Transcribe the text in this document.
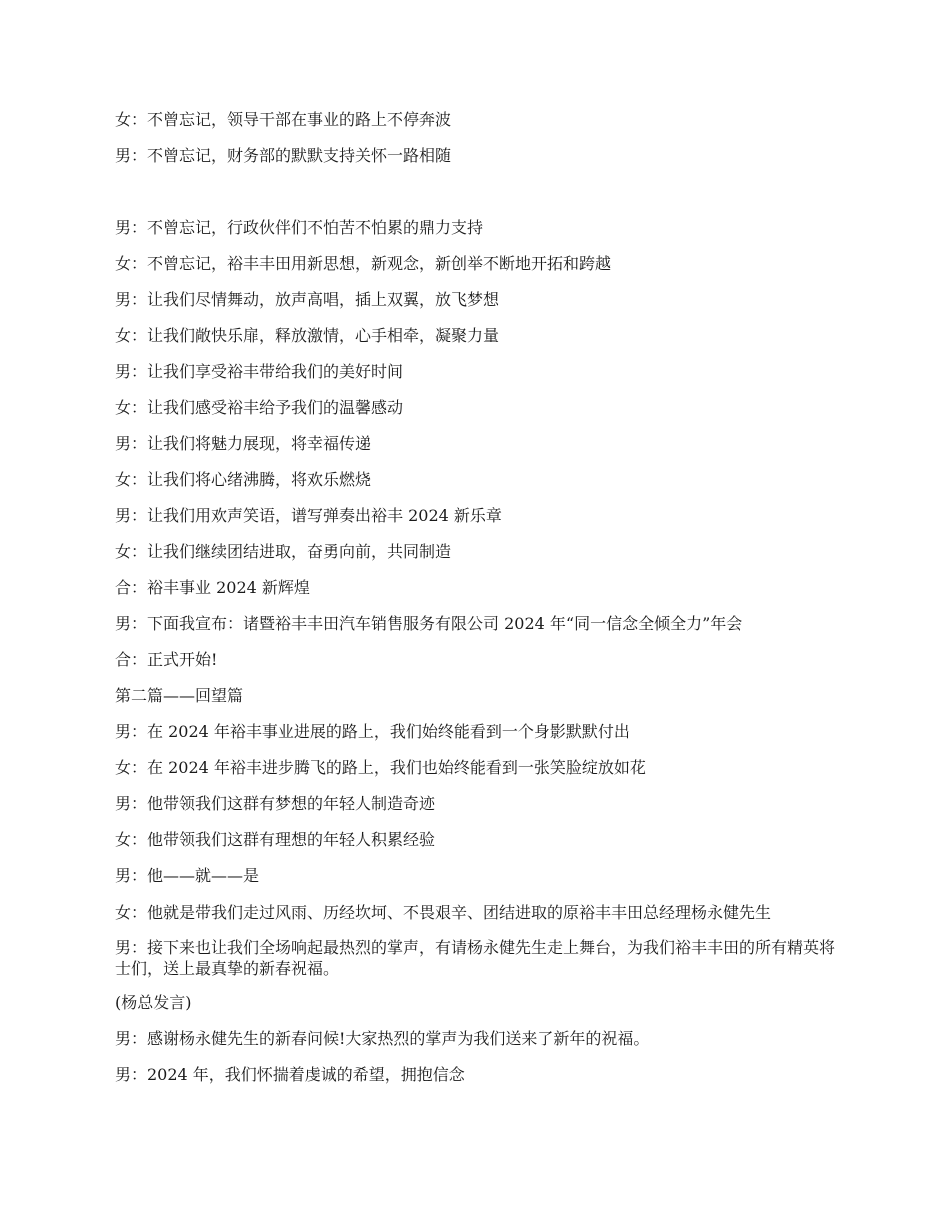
女：不曾忘记，领导干部在事业的路上不停奔波

男：不曾忘记，财务部的默默支持关怀一路相随

男：不曾忘记，行政伙伴们不怕苦不怕累的鼎力支持

女：不曾忘记，裕丰丰田用新思想，新观念，新创举不断地开拓和跨越

男：让我们尽情舞动，放声高唱，插上双翼，放飞梦想

女：让我们敞快乐扉，释放激情，心手相牵，凝聚力量

男：让我们享受裕丰带给我们的美好时间

女：让我们感受裕丰给予我们的温馨感动

男：让我们将魅力展现，将幸福传递

女：让我们将心绪沸腾，将欢乐燃烧

男：让我们用欢声笑语，谱写弹奏出裕丰 2024 新乐章

女：让我们继续团结进取，奋勇向前，共同制造

合：裕丰事业 2024 新辉煌

男：下面我宣布：诸暨裕丰丰田汽车销售服务有限公司 2024 年“同一信念全倾全力”年会

合：正式开始!

第二篇——回望篇

男：在 2024 年裕丰事业进展的路上，我们始终能看到一个身影默默付出

女：在 2024 年裕丰进步腾飞的路上，我们也始终能看到一张笑脸绽放如花

男：他带领我们这群有梦想的年轻人制造奇迹

女：他带领我们这群有理想的年轻人积累经验

男：他——就——是

女：他就是带我们走过风雨、历经坎坷、不畏艰辛、团结进取的原裕丰丰田总经理杨永健先生

男：接下来也让我们全场响起最热烈的掌声，有请杨永健先生走上舞台，为我们裕丰丰田的所有精英将士们，送上最真挚的新春祝福。

(杨总发言)

男：感谢杨永健先生的新春问候!大家热烈的掌声为我们送来了新年的祝福。

男：2024 年，我们怀揣着虔诚的希望，拥抱信念
